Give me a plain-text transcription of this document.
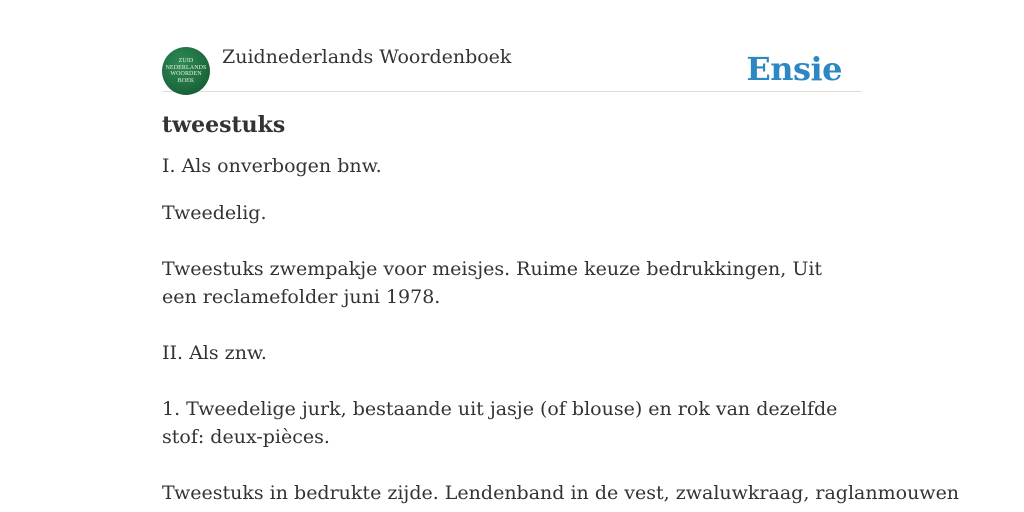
ZUID
NEDERLANDS
WOORDEN
BOEK
Zuidnederlands Woordenboek	Ensie
tweestuks

I. Als onverbogen bnw.

Tweedelig.

Tweestuks zwempakje voor meisjes. Ruime keuze bedrukkingen, Uit een reclamefolder juni 1978.

II. Als znw.

1. Tweedelige jurk, bestaande uit jasje (of blouse) en rok van dezelfde stof: deux-pièces.

Tweestuks in bedrukte zijde. Lendenband in de vest, zwaluwkraag, raglanmouwen
